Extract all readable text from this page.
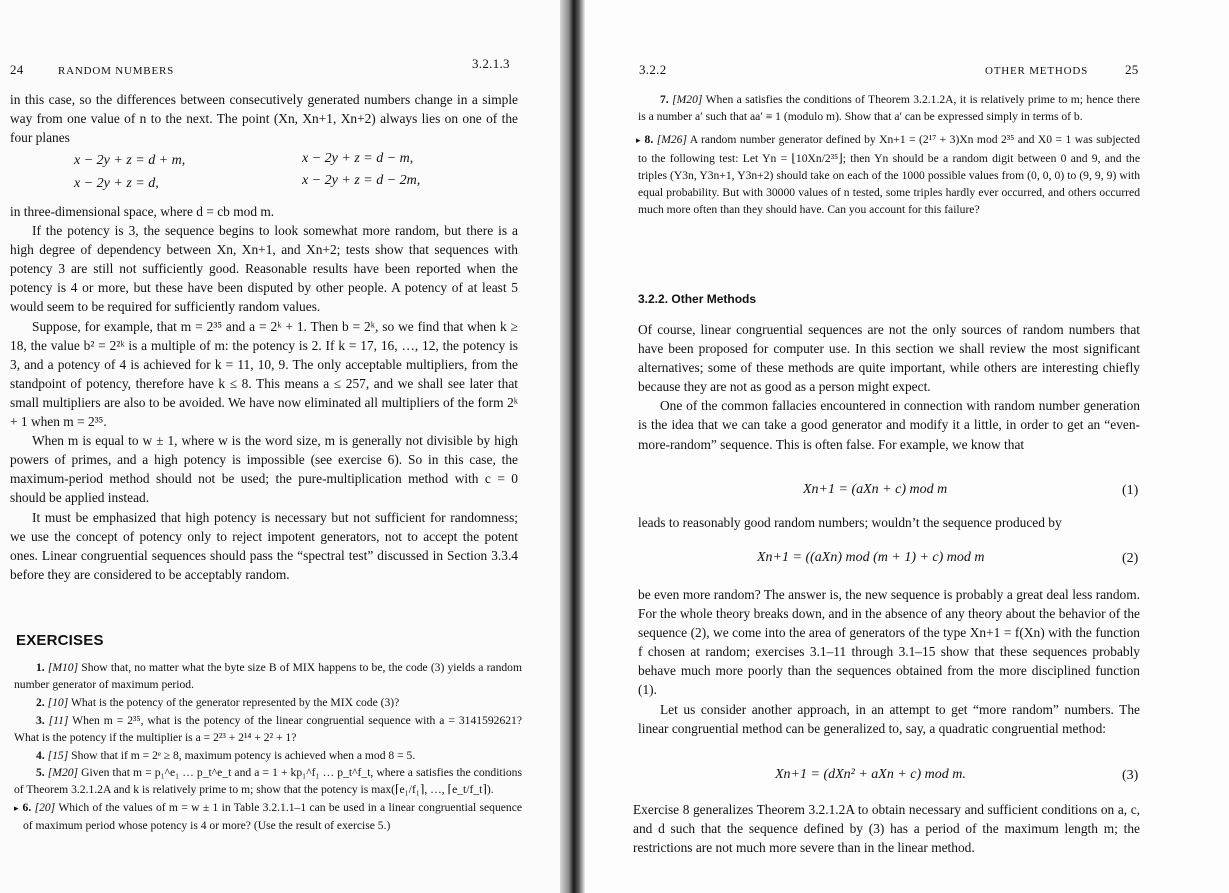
24	RANDOM NUMBERS	3.2.1.3

in this case, so the differences between consecutively generated numbers change in a simple way from one value of n to the next. The point (Xn, Xn+1, Xn+2) always lies on one of the four planes

x − 2y + z = d + m,	x − 2y + z = d − m,
x − 2y + z = d,	x − 2y + z = d − 2m,

in three-dimensional space, where d = cb mod m.

If the potency is 3, the sequence begins to look somewhat more random, but there is a high degree of dependency between Xn, Xn+1, and Xn+2; tests show that sequences with potency 3 are still not sufficiently good. Reasonable results have been reported when the potency is 4 or more, but these have been disputed by other people. A potency of at least 5 would seem to be required for sufficiently random values.

Suppose, for example, that m = 2³⁵ and a = 2ᵏ + 1. Then b = 2ᵏ, so we find that when k ≥ 18, the value b² = 2²ᵏ is a multiple of m: the potency is 2. If k = 17, 16, …, 12, the potency is 3, and a potency of 4 is achieved for k = 11, 10, 9. The only acceptable multipliers, from the standpoint of potency, therefore have k ≤ 8. This means a ≤ 257, and we shall see later that small multipliers are also to be avoided. We have now eliminated all multipliers of the form 2ᵏ + 1 when m = 2³⁵.

When m is equal to w ± 1, where w is the word size, m is generally not divisible by high powers of primes, and a high potency is impossible (see exercise 6). So in this case, the maximum-period method should not be used; the pure-multiplication method with c = 0 should be applied instead.

It must be emphasized that high potency is necessary but not sufficient for randomness; we use the concept of potency only to reject impotent generators, not to accept the potent ones. Linear congruential sequences should pass the “spectral test” discussed in Section 3.3.4 before they are considered to be acceptably random.

EXERCISES

1. [M10] Show that, no matter what the byte size B of MIX happens to be, the code (3) yields a random number generator of maximum period.

2. [10] What is the potency of the generator represented by the MIX code (3)?

3. [11] When m = 2³⁵, what is the potency of the linear congruential sequence with a = 3141592621? What is the potency if the multiplier is a = 2²³ + 2¹⁴ + 2² + 1?

4. [15] Show that if m = 2ᵉ ≥ 8, maximum potency is achieved when a mod 8 = 5.

5. [M20] Given that m = p₁^e₁ … p_t^e_t and a = 1 + kp₁^f₁ … p_t^f_t, where a satisfies the conditions of Theorem 3.2.1.2A and k is relatively prime to m; show that the potency is max(⌈e₁/f₁⌉, …, ⌈e_t/f_t⌉).

▸ 6. [20] Which of the values of m = w ± 1 in Table 3.2.1.1–1 can be used in a linear congruential sequence of maximum period whose potency is 4 or more? (Use the result of exercise 5.)

3.2.2	OTHER METHODS	25

7. [M20] When a satisfies the conditions of Theorem 3.2.1.2A, it is relatively prime to m; hence there is a number a′ such that aa′ ≡ 1 (modulo m). Show that a′ can be expressed simply in terms of b.

▸ 8. [M26] A random number generator defined by Xn+1 = (2¹⁷ + 3)Xn mod 2³⁵ and X0 = 1 was subjected to the following test: Let Yn = ⌊10Xn/2³⁵⌋; then Yn should be a random digit between 0 and 9, and the triples (Y3n, Y3n+1, Y3n+2) should take on each of the 1000 possible values from (0, 0, 0) to (9, 9, 9) with equal probability. But with 30000 values of n tested, some triples hardly ever occurred, and others occurred much more often than they should have. Can you account for this failure?

3.2.2. Other Methods

Of course, linear congruential sequences are not the only sources of random numbers that have been proposed for computer use. In this section we shall review the most significant alternatives; some of these methods are quite important, while others are interesting chiefly because they are not as good as a person might expect.

One of the common fallacies encountered in connection with random number generation is the idea that we can take a good generator and modify it a little, in order to get an “even-more-random” sequence. This is often false. For example, we know that

Xn+1 = (aXn + c) mod m	(1)

leads to reasonably good random numbers; wouldn’t the sequence produced by

Xn+1 = ((aXn) mod (m + 1) + c) mod m	(2)

be even more random? The answer is, the new sequence is probably a great deal less random. For the whole theory breaks down, and in the absence of any theory about the behavior of the sequence (2), we come into the area of generators of the type Xn+1 = f(Xn) with the function f chosen at random; exercises 3.1–11 through 3.1–15 show that these sequences probably behave much more poorly than the sequences obtained from the more disciplined function (1).

Let us consider another approach, in an attempt to get “more random” numbers. The linear congruential method can be generalized to, say, a quadratic congruential method:

Xn+1 = (dXn² + aXn + c) mod m.	(3)

Exercise 8 generalizes Theorem 3.2.1.2A to obtain necessary and sufficient conditions on a, c, and d such that the sequence defined by (3) has a period of the maximum length m; the restrictions are not much more severe than in the linear method.
